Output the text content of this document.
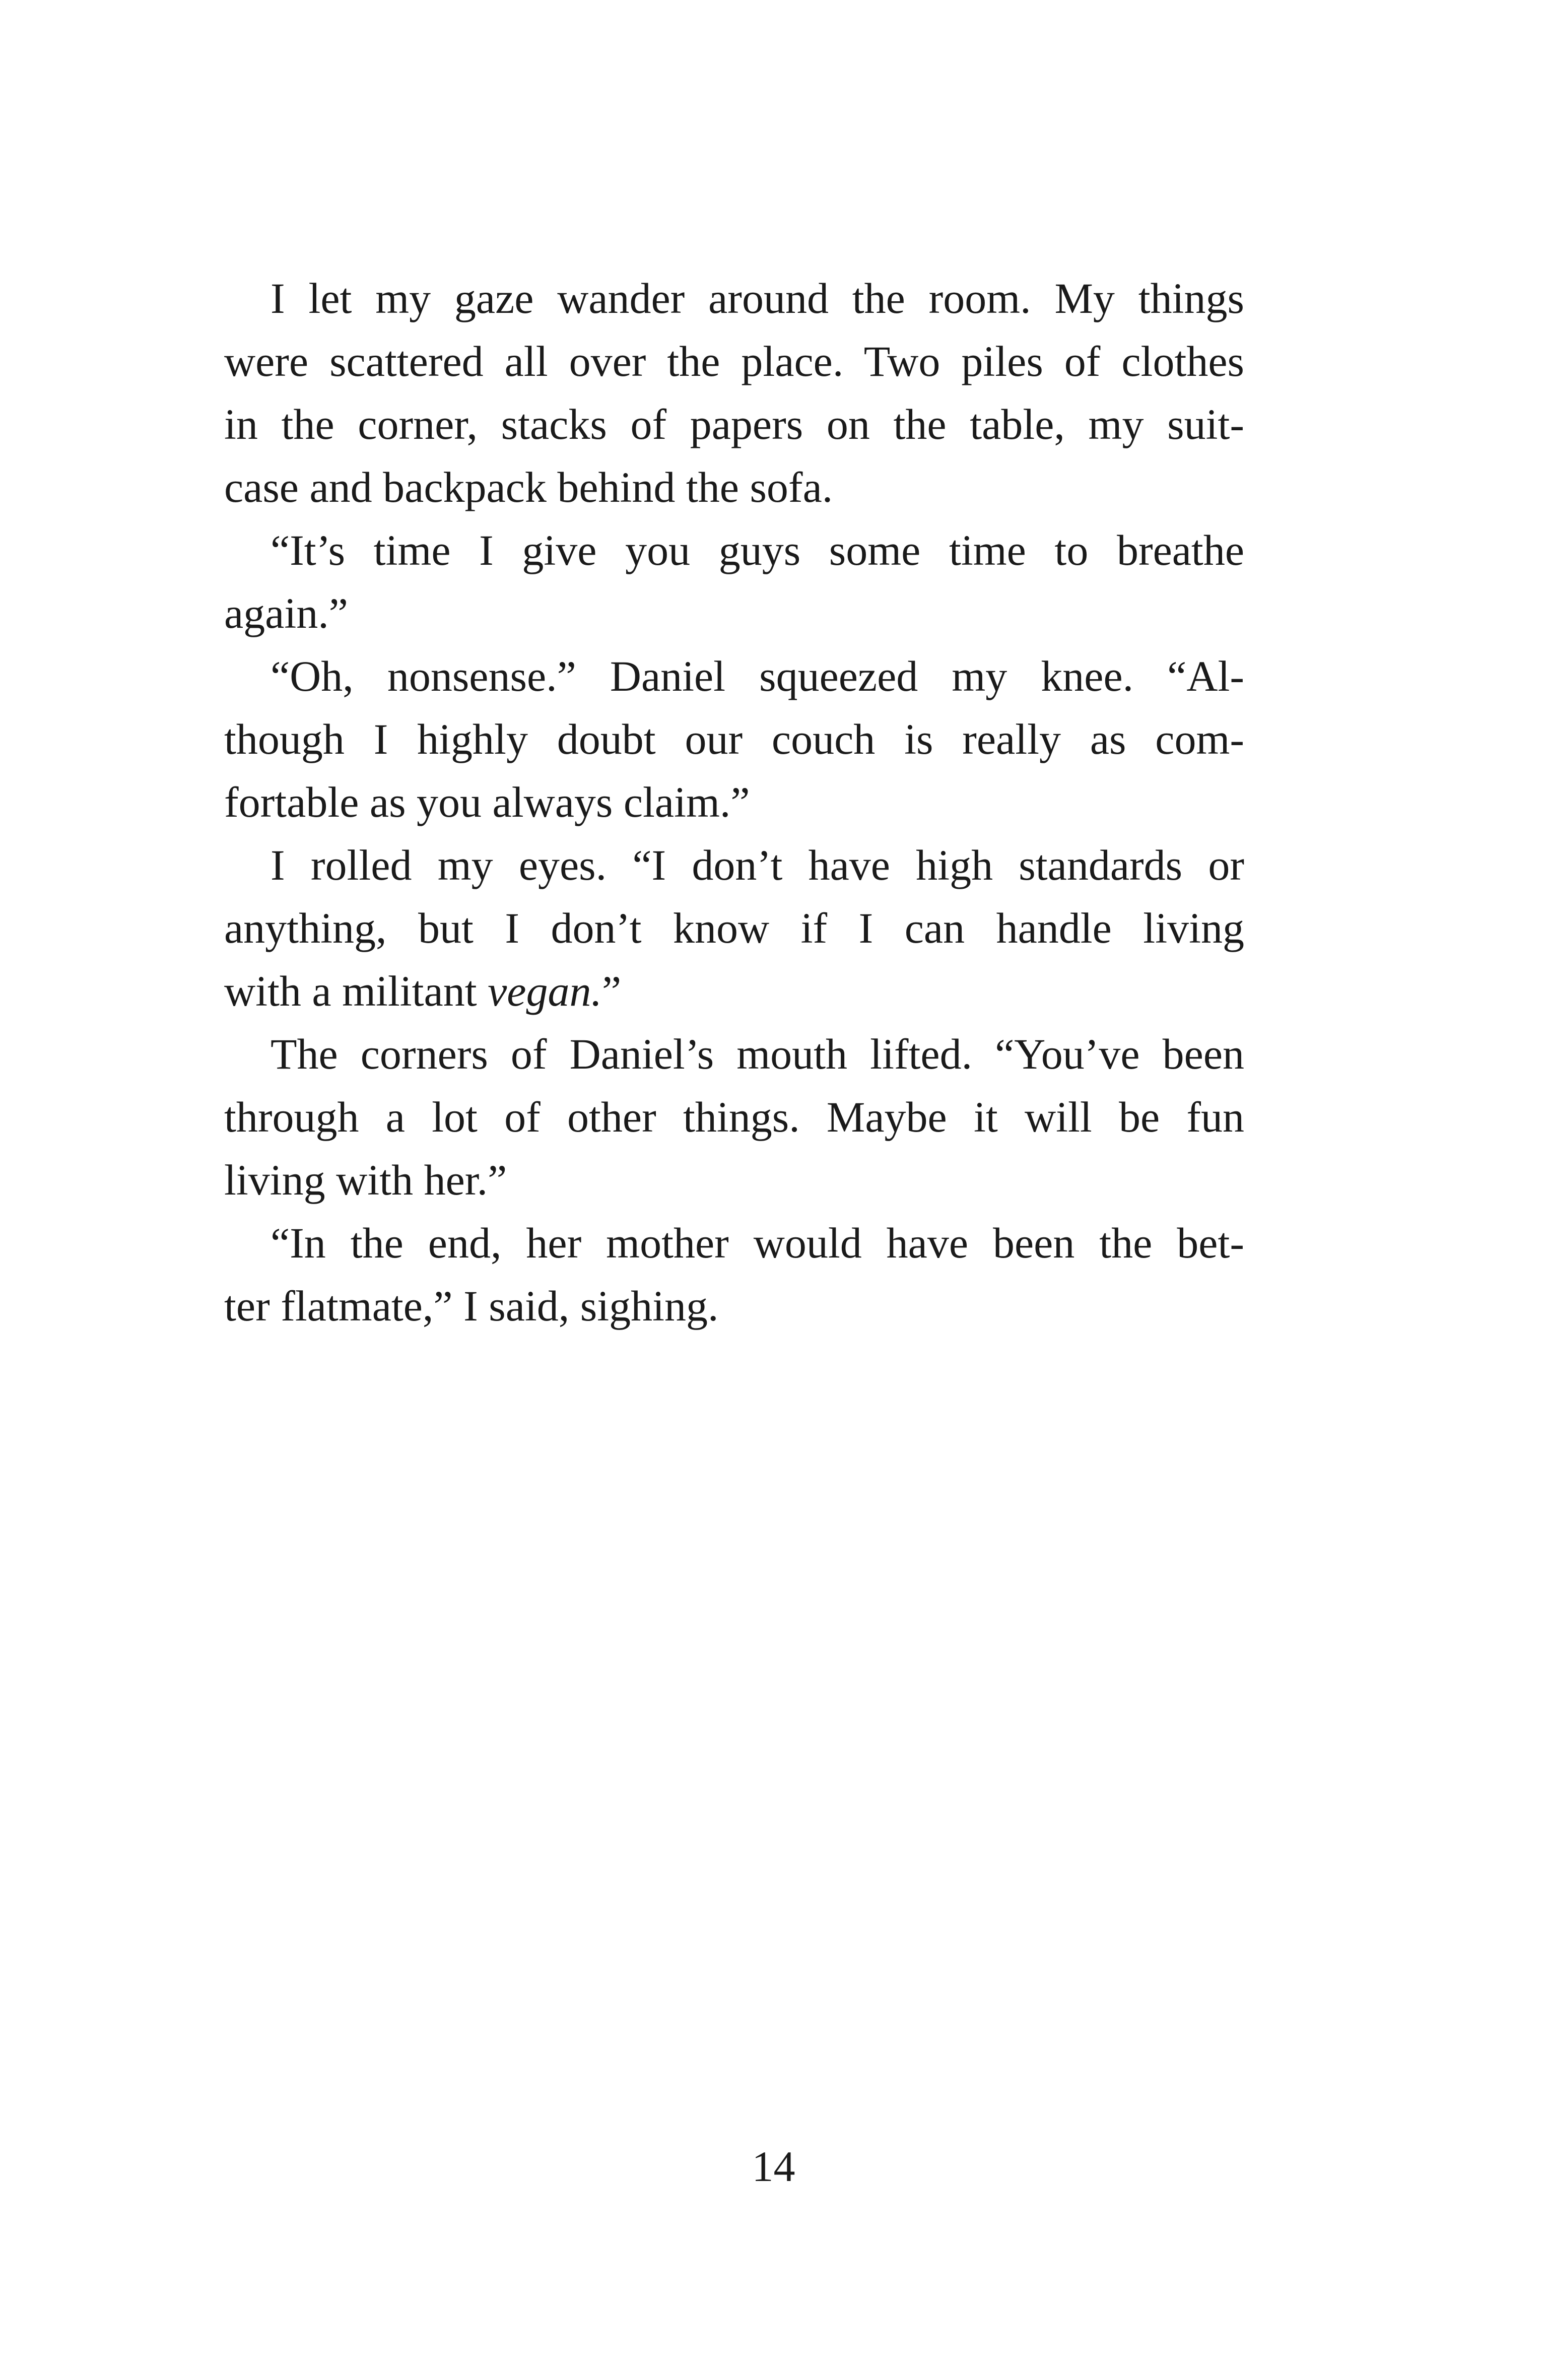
I let my gaze wander around the room. My things
were scattered all over the place. Two piles of clothes
in the corner, stacks of papers on the table, my suit-
case and backpack behind the sofa.
“It’s time I give you guys some time to breathe
again.”
“Oh, nonsense.” Daniel squeezed my knee. “Al-
though I highly doubt our couch is really as com-
fortable as you always claim.”
I rolled my eyes. “I don’t have high standards or
anything, but I don’t know if I can handle living
with a militant vegan.”
The corners of Daniel’s mouth lifted. “You’ve been
through a lot of other things. Maybe it will be fun
living with her.”
“In the end, her mother would have been the bet-
ter flatmate,” I said, sighing.
14
